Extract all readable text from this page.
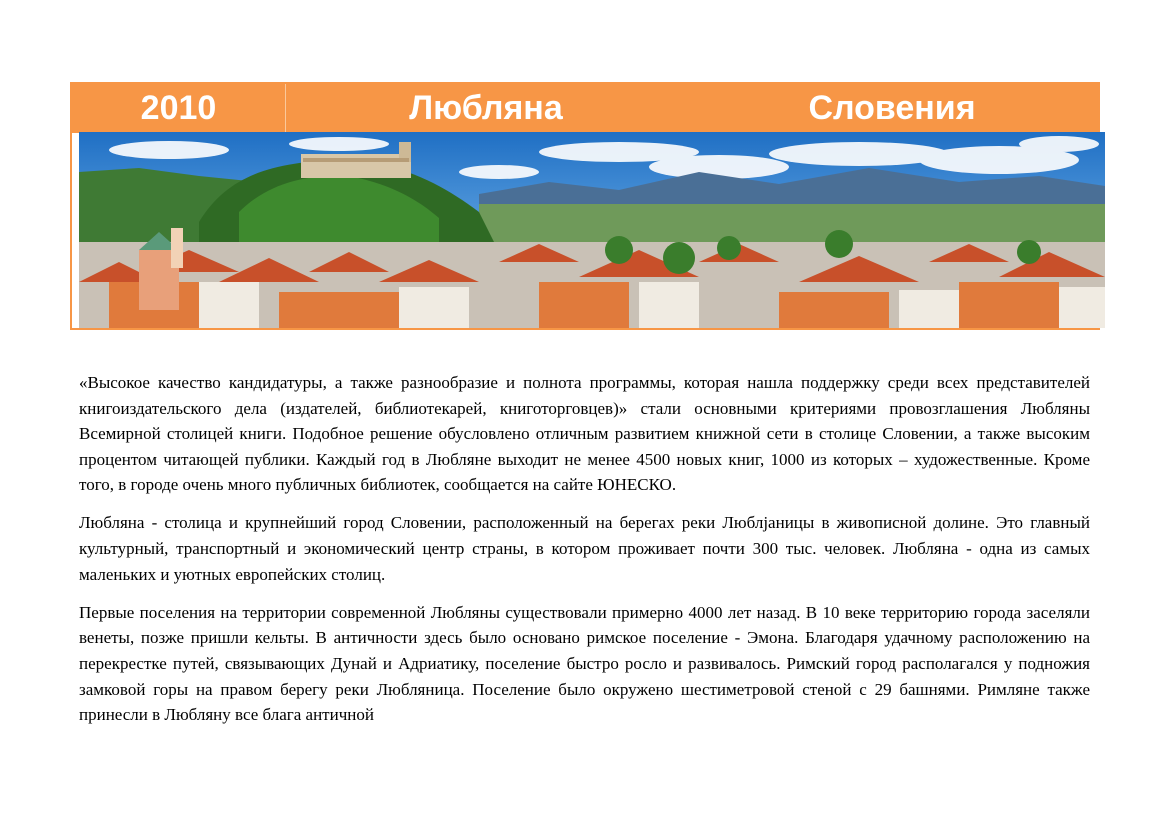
2010	Любляна	Словения

«Высокое качество кандидатуры, а также разнообразие и полнота программы, которая нашла поддержку среди всех представителей книгоиздательского дела (издателей, библиотекарей, книготорговцев)» стали основными критериями провозглашения Любляны Всемирной столицей книги. Подобное решение обусловлено отличным развитием книжной сети в столице Словении, а также высоким процентом читающей публики. Каждый год в Любляне выходит не менее 4500 новых книг, 1000 из которых – художественные. Кроме того, в городе очень много публичных библиотек, сообщается на сайте ЮНЕСКО.

Любляна - столица и крупнейший город Словении, расположенный на берегах реки Люблjaницы в живописной долине. Это главный культурный, транспортный и экономический центр страны, в котором проживает почти 300 тыс. человек. Любляна - одна из самых маленьких и уютных европейских столиц.

Первые поселения на территории современной Любляны существовали примерно 4000 лет назад. В 10 веке территорию города заселяли венеты, позже пришли кельты. В античности здесь было основано римское поселение - Эмона. Благодаря удачному расположению на перекрестке путей, связывающих Дунай и Адриатику, поселение быстро росло и развивалось. Римский город располагался у подножия замковой горы на правом берегу реки Любляница. Поселение было окружено шестиметровой стеной с 29 башнями. Римляне также принесли в Любляну все блага античной
